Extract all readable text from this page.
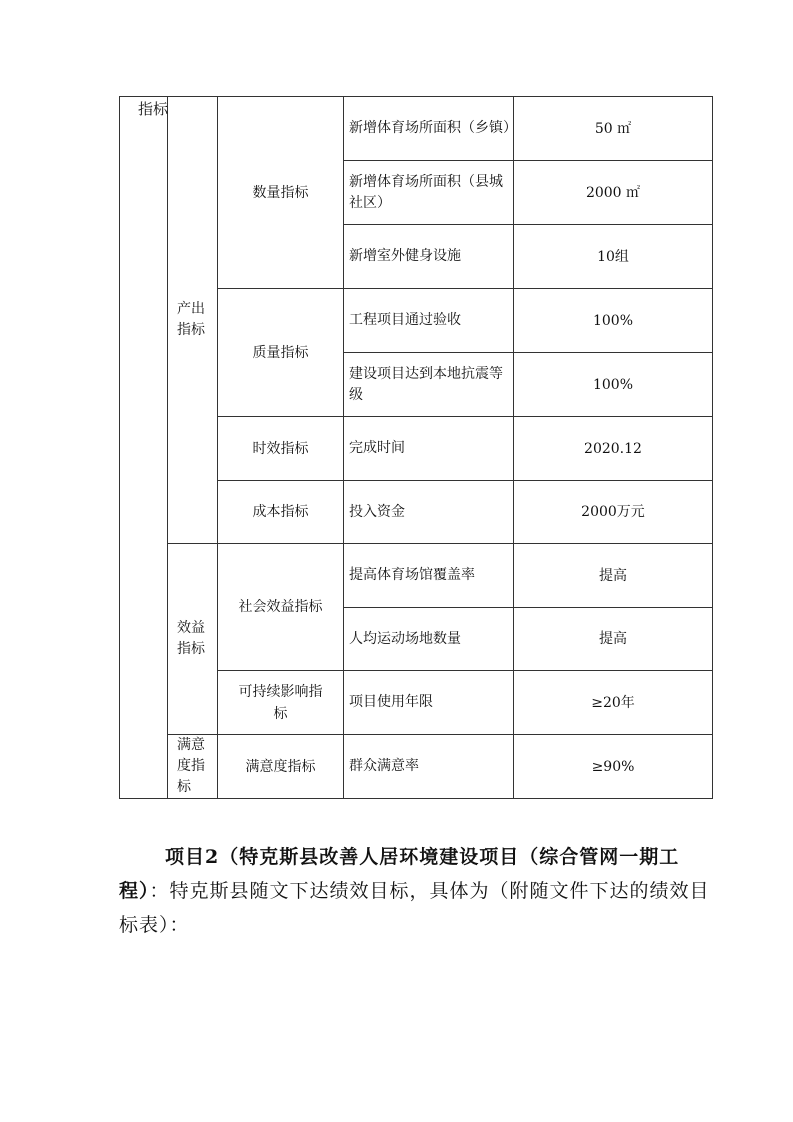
指标	产出指标	数量指标	新增体育场所面积（乡镇）	50 ㎡

			新增体育场所面积（县城社区）	2000 ㎡

			新增室外健身设施	10组
		质量指标	工程项目通过验收	100%

			建设项目达到本地抗震等级	100%
		时效指标	完成时间	2020.12
		成本指标	投入资金	2000万元

	效益指标	社会效益指标	提高体育场馆覆盖率	提高

			人均运动场地数量	提高
		可持续影响指标	项目使用年限	≥20年

	满意度指标	满意度指标	群众满意率	≥90%

项目2（特克斯县改善人居环境建设项目（综合管网一期工程）：特克斯县随文下达绩效目标，具体为（附随文件下达的绩效目标表）：
